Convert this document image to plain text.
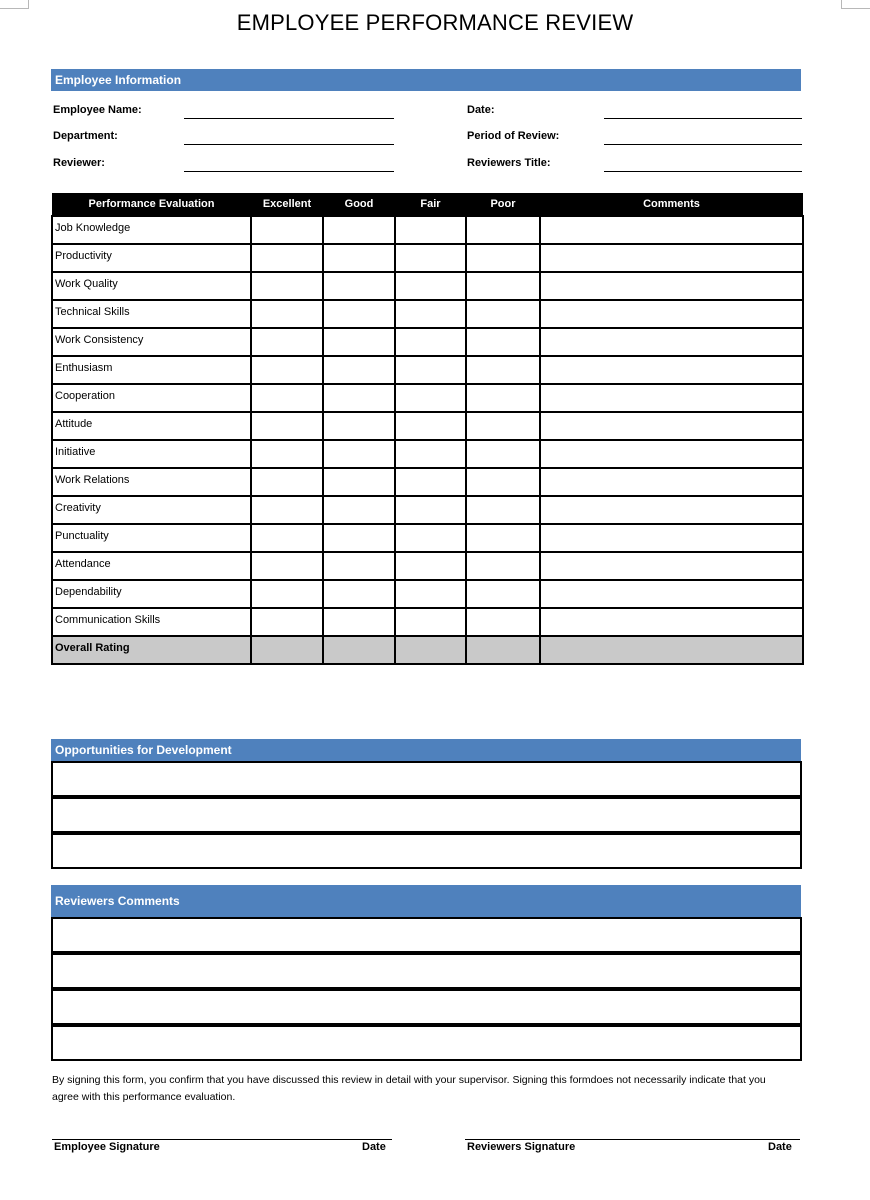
EMPLOYEE PERFORMANCE REVIEW
Employee Information
Employee Name:
Department:
Reviewer:
Date:
Period of Review:
Reviewers Title:
Performance Evaluation	Excellent	Good	Fair	Poor	Comments
Job Knowledge					
Productivity					
Work Quality					
Technical Skills					
Work Consistency					
Enthusiasm					
Cooperation					
Attitude					
Initiative					
Work Relations					
Creativity					
Punctuality					
Attendance					
Dependability					
Communication Skills					
Overall Rating					
Opportunities for Development
Reviewers Comments
By signing this form, you confirm that you have discussed this review in detail with your supervisor. Signing this formdoes not necessarily indicate that you agree with this performance evaluation.
Employee Signature	Date	Reviewers Signature	Date
